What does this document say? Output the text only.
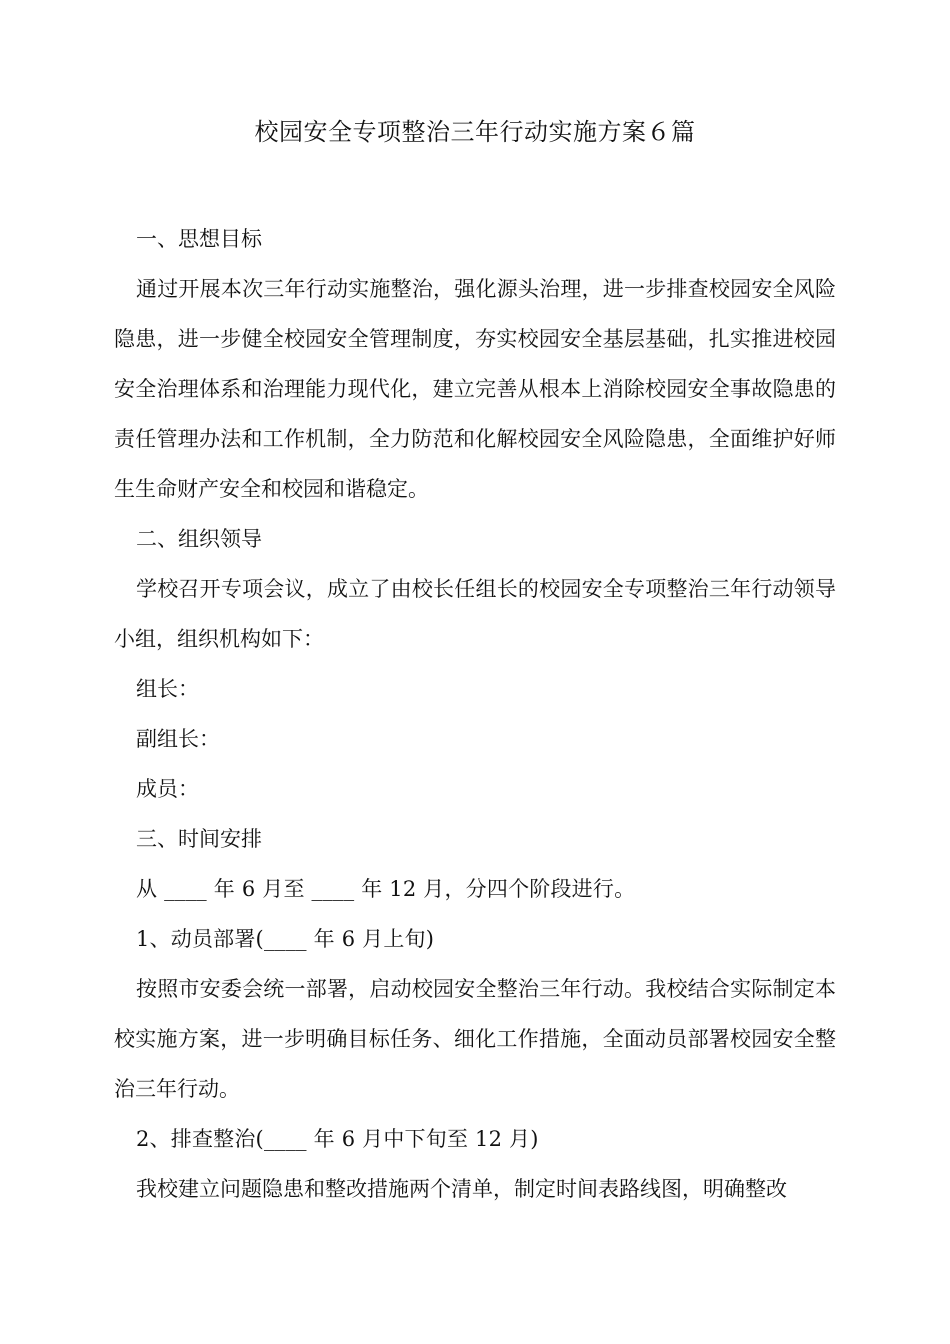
校园安全专项整治三年行动实施方案６篇

一、思想目标

通过开展本次三年行动实施整治，强化源头治理，进一步排查校园安全风险隐患，进一步健全校园安全管理制度，夯实校园安全基层基础，扎实推进校园安全治理体系和治理能力现代化，建立完善从根本上消除校园安全事故隐患的责任管理办法和工作机制，全力防范和化解校园安全风险隐患，全面维护好师生生命财产安全和校园和谐稳定。

二、组织领导

学校召开专项会议，成立了由校长任组长的校园安全专项整治三年行动领导小组，组织机构如下：

组长：

副组长：

成员：

三、时间安排

从 ____ 年 6 月至 ____ 年 12 月，分四个阶段进行。

1、动员部署(____ 年 6 月上旬)

按照市安委会统一部署，启动校园安全整治三年行动。我校结合实际制定本校实施方案，进一步明确目标任务、细化工作措施，全面动员部署校园安全整治三年行动。

2、排查整治(____ 年 6 月中下旬至 12 月)

我校建立问题隐患和整改措施两个清单，制定时间表路线图，明确整改
